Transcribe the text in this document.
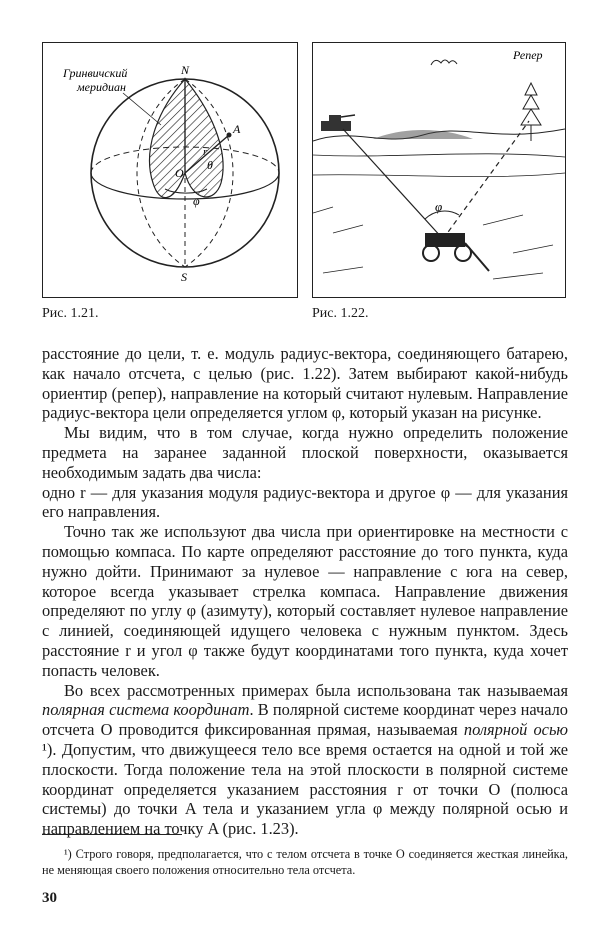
Гринвичский
меридиан
N
S
A
O
θ
r
φ
Репер
φ
Рис. 1.21.	Рис. 1.22.

расстояние до цели, т. е. модуль радиус-вектора, соединяющего батарею, как начало отсчета, с целью (рис. 1.22). Затем выбирают какой-нибудь ориентир (репер), направление на который считают нулевым. Направление радиус-вектора цели определяется углом φ, который указан на рисунке.

Мы видим, что в том случае, когда нужно определить положение предмета на заранее заданной плоской поверхности, оказывается необходимым задать два числа:

одно r — для указания модуля радиус-вектора и другое φ — для указания его направления.

Точно так же используют два числа при ориентировке на местности с помощью компаса. По карте определяют расстояние до того пункта, куда нужно дойти. Принимают за нулевое — направление с юга на север, которое всегда указывает стрелка компаса. Направление движения определяют по углу φ (азимуту), который составляет нулевое направление с линией, соединяющей идущего человека с нужным пунктом. Здесь расстояние r и угол φ также будут координатами того пункта, куда хочет попасть человек.

Во всех рассмотренных примерах была использована так называемая полярная система координат. В полярной системе координат через начало отсчета O проводится фиксированная прямая, называемая полярной осью ¹). Допустим, что движущееся тело все время остается на одной и той же плоскости. Тогда положение тела на этой плоскости в полярной системе координат определяется указанием расстояния r от точки O (полюса системы) до точки A тела и указанием угла φ между полярной осью и направлением на точку A (рис. 1.23).

¹) Строго говоря, предполагается, что с телом отсчета в точке O соединяется жесткая линейка, не меняющая своего положения относительно тела отсчета.

30
